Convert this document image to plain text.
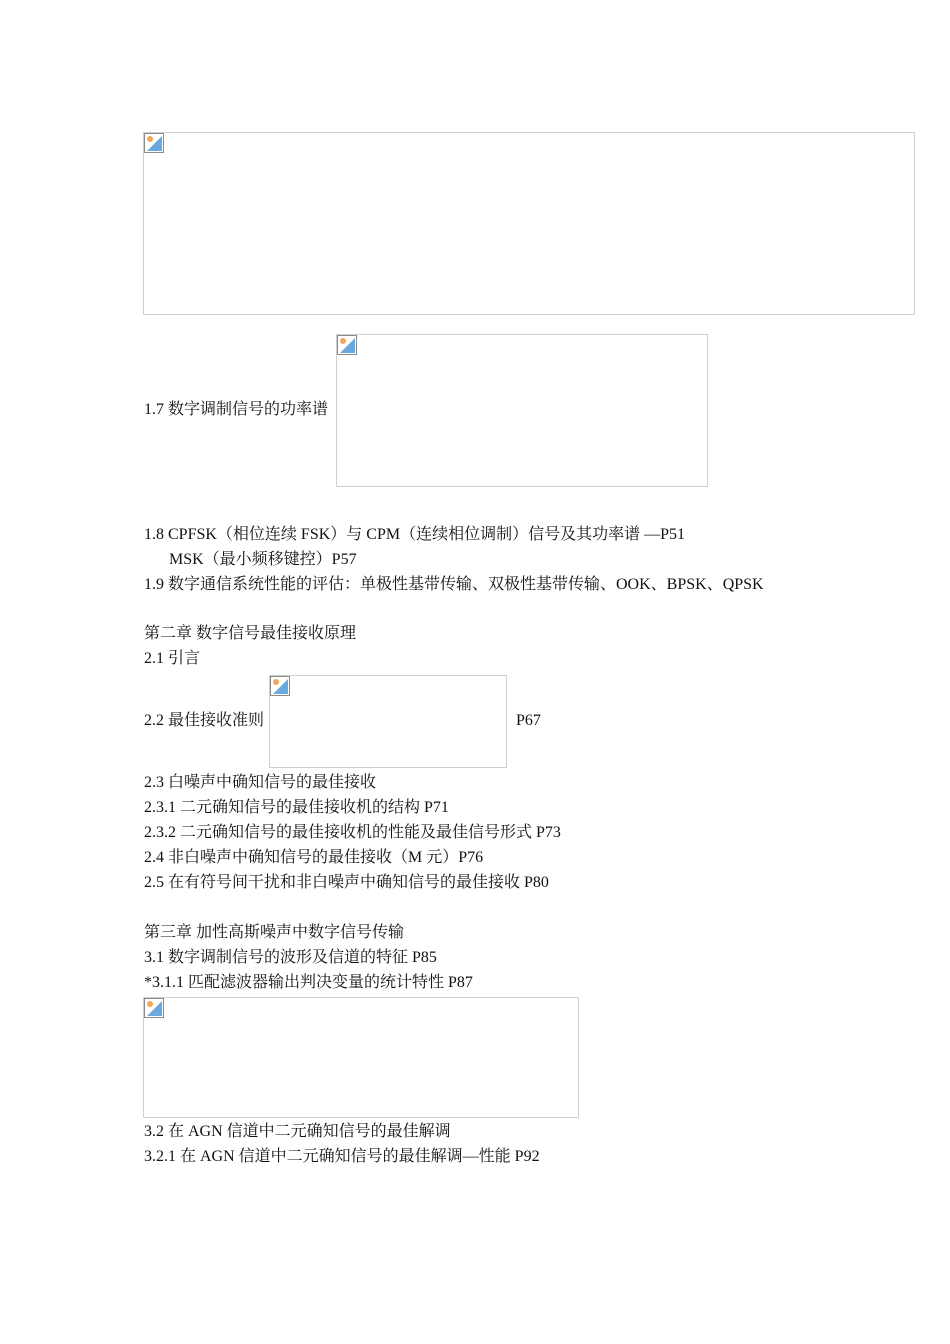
1.7 数字调制信号的功率谱
1.8 CPFSK（相位连续 FSK）与 CPM（连续相位调制）信号及其功率谱 —P51
MSK（最小频移键控）P57
1.9 数字通信系统性能的评估：单极性基带传输、双极性基带传输、OOK、BPSK、QPSK
第二章 数字信号最佳接收原理
2.1 引言
2.2 最佳接收准则	P67
2.3 白噪声中确知信号的最佳接收
2.3.1 二元确知信号的最佳接收机的结构 P71
2.3.2 二元确知信号的最佳接收机的性能及最佳信号形式 P73
2.4 非白噪声中确知信号的最佳接收（M 元）P76
2.5 在有符号间干扰和非白噪声中确知信号的最佳接收 P80
第三章 加性高斯噪声中数字信号传输
3.1 数字调制信号的波形及信道的特征 P85
*3.1.1 匹配滤波器输出判决变量的统计特性 P87
3.2 在 AGN 信道中二元确知信号的最佳解调
3.2.1 在 AGN 信道中二元确知信号的最佳解调—性能 P92
